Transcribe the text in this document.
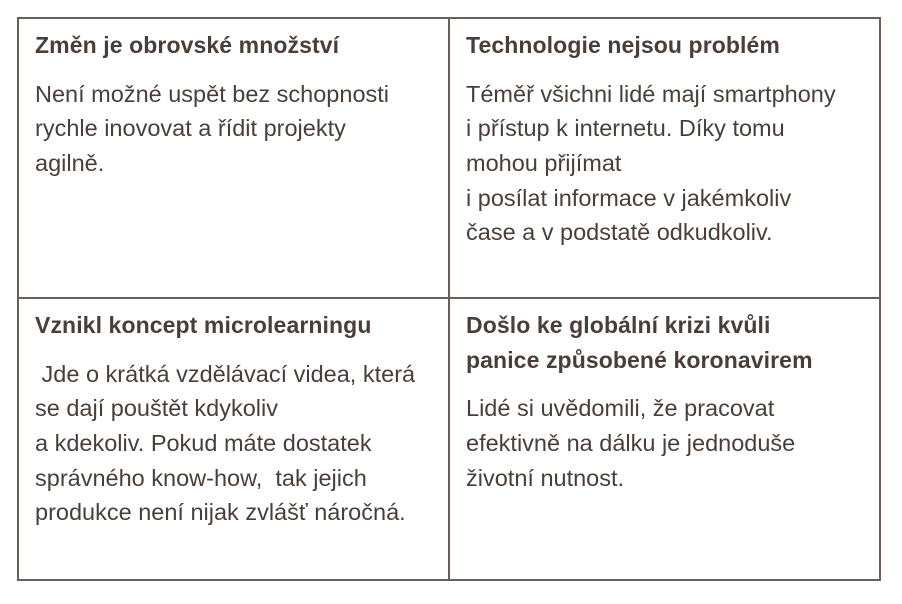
Změn je obrovské množství
Není možné uspět bez schopnosti
rychle inovovat a řídit projekty
agilně.
Technologie nejsou problém
Téměř všichni lidé mají smartphony
i přístup k internetu. Díky tomu
mohou přijímat
i posílat informace v jakémkoliv
čase a v podstatě odkudkoliv.
Vznikl koncept microlearningu
Jde o krátká vzdělávací videa, která
se dají pouštět kdykoliv
a kdekoliv. Pokud máte dostatek
správného know-how,  tak jejich
produkce není nijak zvlášť náročná.
Došlo ke globální krizi kvůli
panice způsobené koronavirem
Lidé si uvědomili, že pracovat
efektivně na dálku je jednoduše
životní nutnost.
